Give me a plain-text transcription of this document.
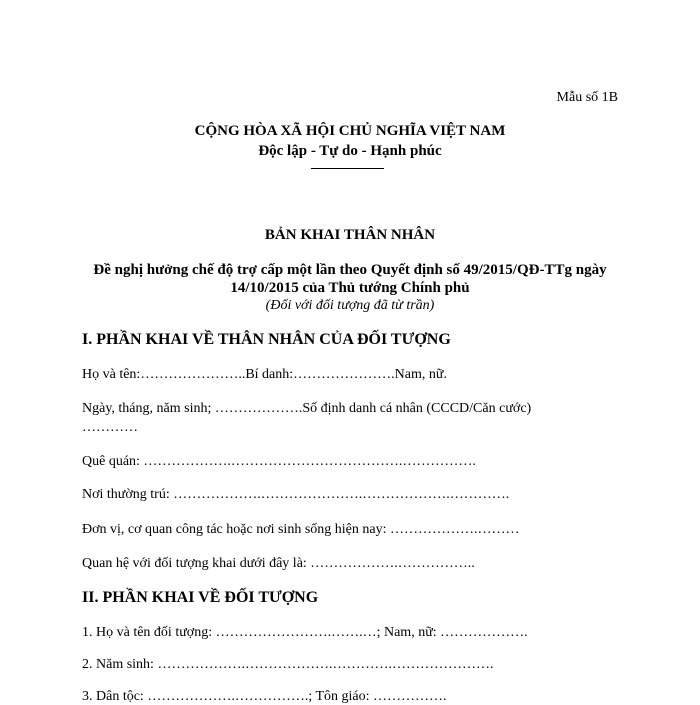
Mẫu số 1B
CỘNG HÒA XÃ HỘI CHỦ NGHĨA VIỆT NAM
Độc lập - Tự do - Hạnh phúc
BẢN KHAI THÂN NHÂN
Đề nghị hưởng chế độ trợ cấp một lần theo Quyết định số 49/2015/QĐ-TTg ngày
14/10/2015 của Thủ tướng Chính phủ
(Đối với đối tượng đã từ trần)
I. PHẦN KHAI VỀ THÂN NHÂN CỦA ĐỐI TƯỢNG
Họ và tên:…………………..Bí danh:………………….Nam, nữ.
Ngày, tháng, năm sinh; ……………….Số định danh cá nhân (CCCD/Căn cước)
…………
Quê quán: ……………….……………………………….…………….
Nơi thường trú: ……………….………………….……………….………….
Đơn vị, cơ quan công tác hoặc nơi sinh sống hiện nay: ……………….………
Quan hệ với đối tượng khai dưới đây là: ……………….……………..
II. PHẦN KHAI VỀ ĐỐI TƯỢNG
1. Họ và tên đối tượng: …………………….…….…; Nam, nữ: ……………….
2. Năm sinh: ……………….……………….………….………………….
3. Dân tộc: ……………….…………….; Tôn giáo: …………….
